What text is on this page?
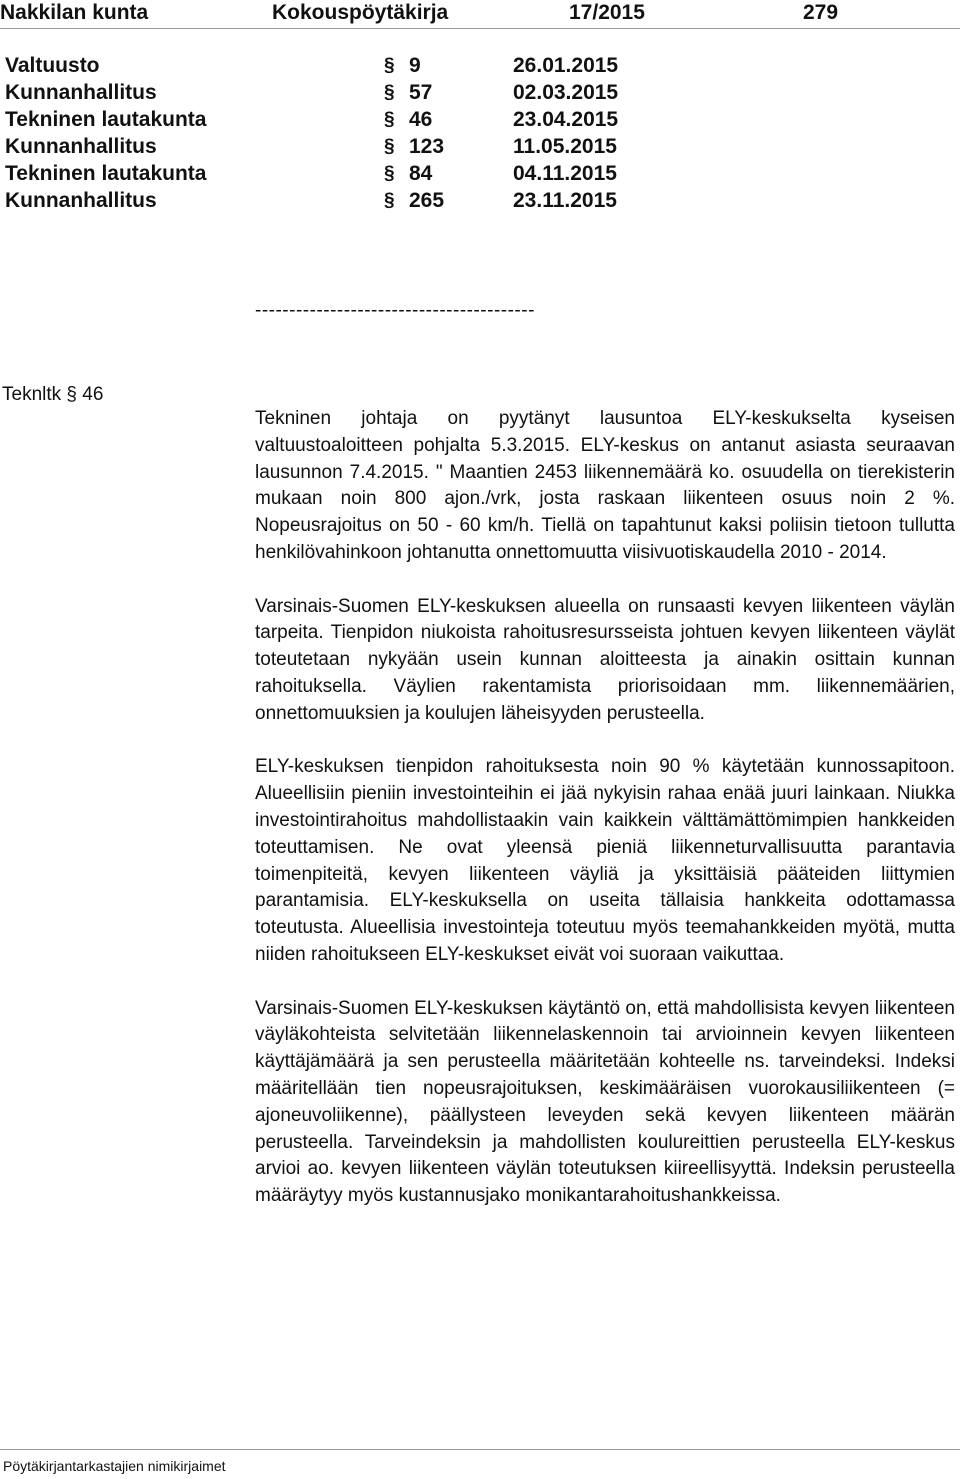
Nakkilan kunta	Kokouspöytäkirja	17/2015	279
Valtuusto	§ 9	26.01.2015
Kunnanhallitus	§ 57	02.03.2015
Tekninen lautakunta	§ 46	23.04.2015
Kunnanhallitus	§ 123	11.05.2015
Tekninen lautakunta	§ 84	04.11.2015
Kunnanhallitus	§ 265	23.11.2015
-----------------------------------------
Teknltk § 46

Tekninen johtaja on pyytänyt lausuntoa ELY-keskukselta kyseisen valtuustoaloitteen pohjalta 5.3.2015. ELY-keskus on antanut asiasta seuraavan lausunnon 7.4.2015. " Maantien 2453 liikennemäärä ko. osuudella on tierekisterin mukaan noin 800 ajon./vrk, josta raskaan liikenteen osuus noin 2 %. Nopeusrajoitus on 50 - 60 km/h. Tiellä on tapahtunut kaksi poliisin tietoon tullutta henkilövahinkoon johtanutta onnettomuutta viisivuotiskaudella 2010 - 2014.

Varsinais-Suomen ELY-keskuksen alueella on runsaasti kevyen liikenteen väylän tarpeita. Tienpidon niukoista rahoitusresursseista johtuen kevyen liikenteen väylät toteutetaan nykyään usein kunnan aloitteesta ja ainakin osittain kunnan rahoituksella. Väylien rakentamista priorisoidaan mm. liikennemäärien, onnettomuuksien ja koulujen läheisyyden perusteella.

ELY-keskuksen tienpidon rahoituksesta noin 90 % käytetään kunnossapitoon. Alueellisiin pieniin investointeihin ei jää nykyisin rahaa enää juuri lainkaan. Niukka investointirahoitus mahdollistaakin vain kaikkein välttämättömimpien hankkeiden toteuttamisen. Ne ovat yleensä pieniä liikenneturvallisuutta parantavia toimenpiteitä, kevyen liikenteen väyliä ja yksittäisiä pääteiden liittymien parantamisia. ELY-keskuksella on useita tällaisia hankkeita odottamassa toteutusta. Alueellisia investointeja toteutuu myös teemahankkeiden myötä, mutta niiden rahoitukseen ELY-keskukset eivät voi suoraan vaikuttaa.

Varsinais-Suomen ELY-keskuksen käytäntö on, että mahdollisista kevyen liikenteen väyläkohteista selvitetään liikennelaskennoin tai arvioinnein kevyen liikenteen käyttäjämäärä ja sen perusteella määritetään kohteelle ns. tarveindeksi. Indeksi määritellään tien nopeusrajoituksen, keskimääräisen vuorokausiliikenteen (= ajoneuvoliikenne), päällysteen leveyden sekä kevyen liikenteen määrän perusteella. Tarveindeksin ja mahdollisten koulureittien perusteella ELY-keskus arvioi ao. kevyen liikenteen väylän toteutuksen kiireellisyyttä. Indeksin perusteella määräytyy myös kustannusjako monikantarahoitushankkeissa.

Pöytäkirjantarkastajien nimikirjaimet
